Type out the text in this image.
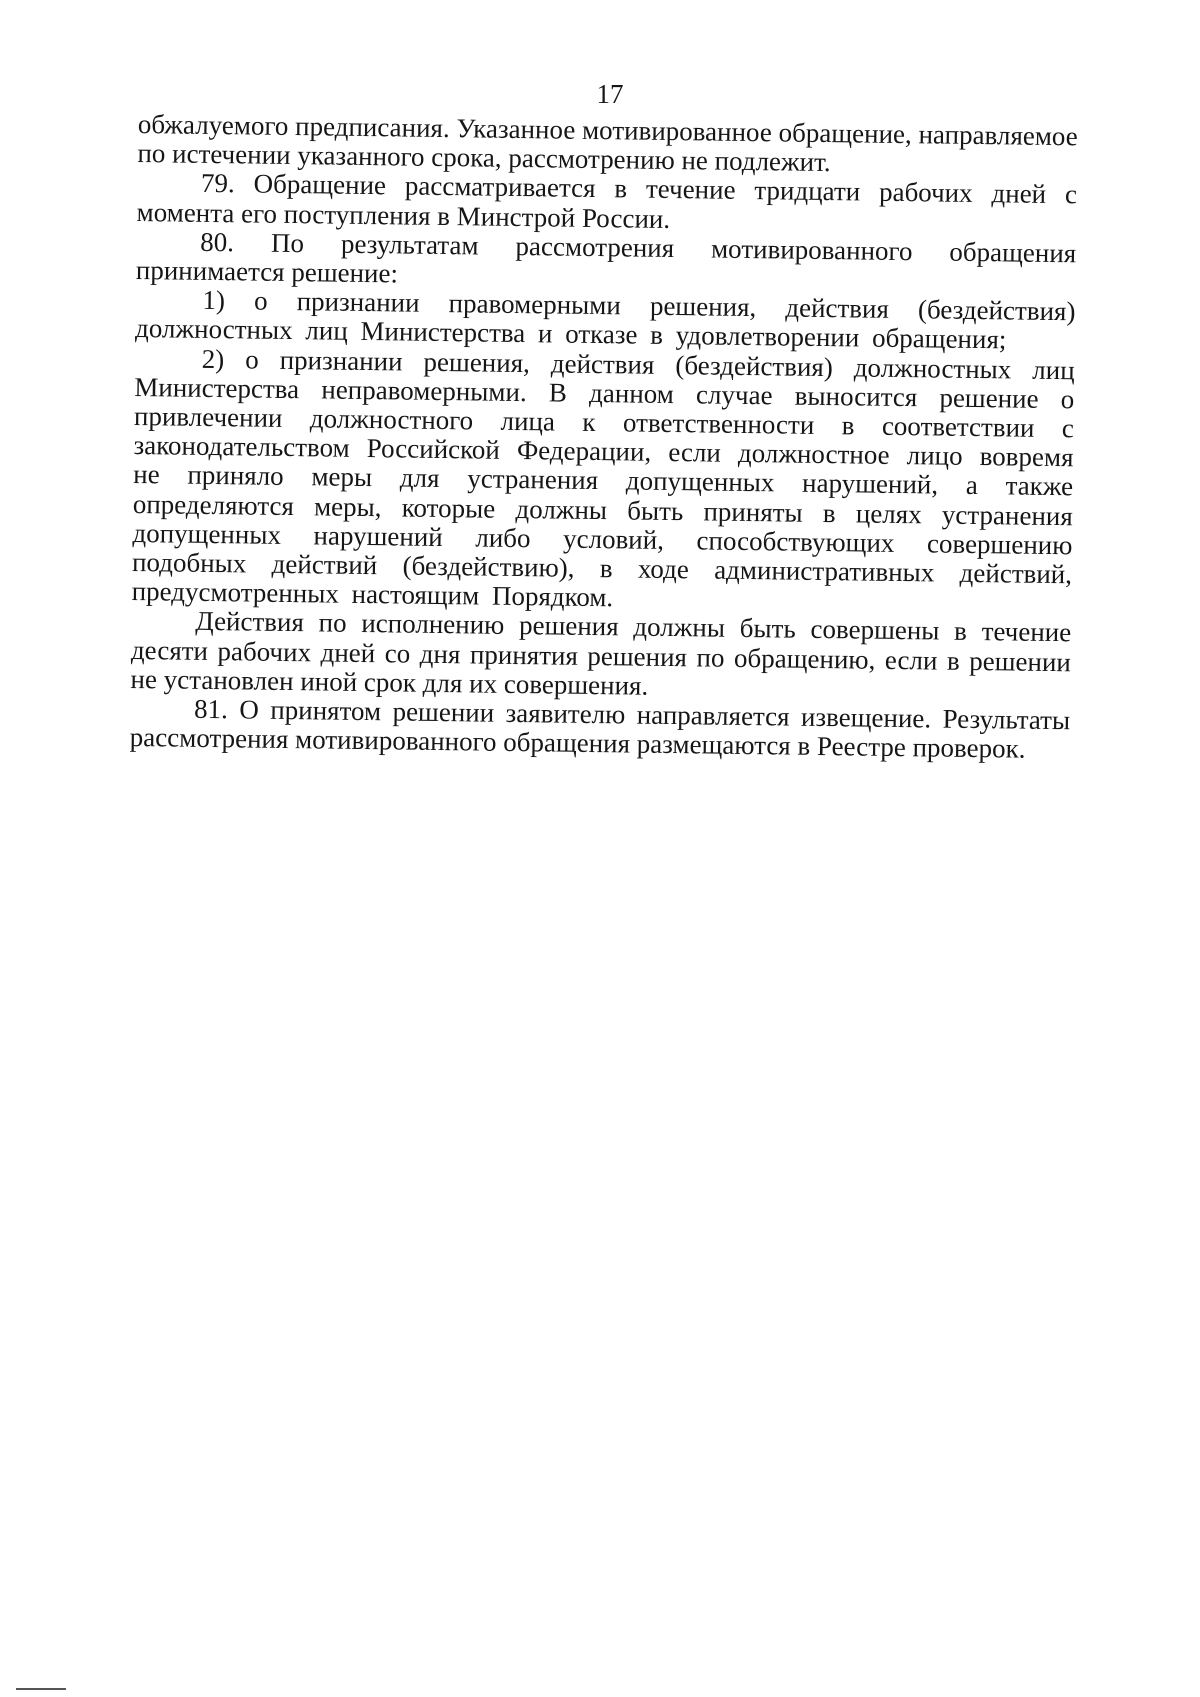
17

обжалуемого предписания. Указанное мотивированное обращение, направляемое по истечении указанного срока, рассмотрению не подлежит.

79. Обращение рассматривается в течение тридцати рабочих дней с момента его поступления в Минстрой России.

80. По результатам рассмотрения мотивированного обращения принимается решение:

1) о признании правомерными решения, действия (бездействия) должностных лиц Министерства и отказе в удовлетворении обращения;

2) о признании решения, действия (бездействия) должностных лиц Министерства неправомерными. В данном случае выносится решение о привлечении должностного лица к ответственности в соответствии с законодательством Российской Федерации, если должностное лицо вовремя не приняло меры для устранения допущенных нарушений, а также определяются меры, которые должны быть приняты в целях устранения допущенных нарушений либо условий, способствующих совершению подобных действий (бездействию), в ходе административных действий, предусмотренных настоящим Порядком.

Действия по исполнению решения должны быть совершены в течение десяти рабочих дней со дня принятия решения по обращению, если в решении не установлен иной срок для их совершения.

81. О принятом решении заявителю направляется извещение. Результаты рассмотрения мотивированного обращения размещаются в Реестре проверок.
